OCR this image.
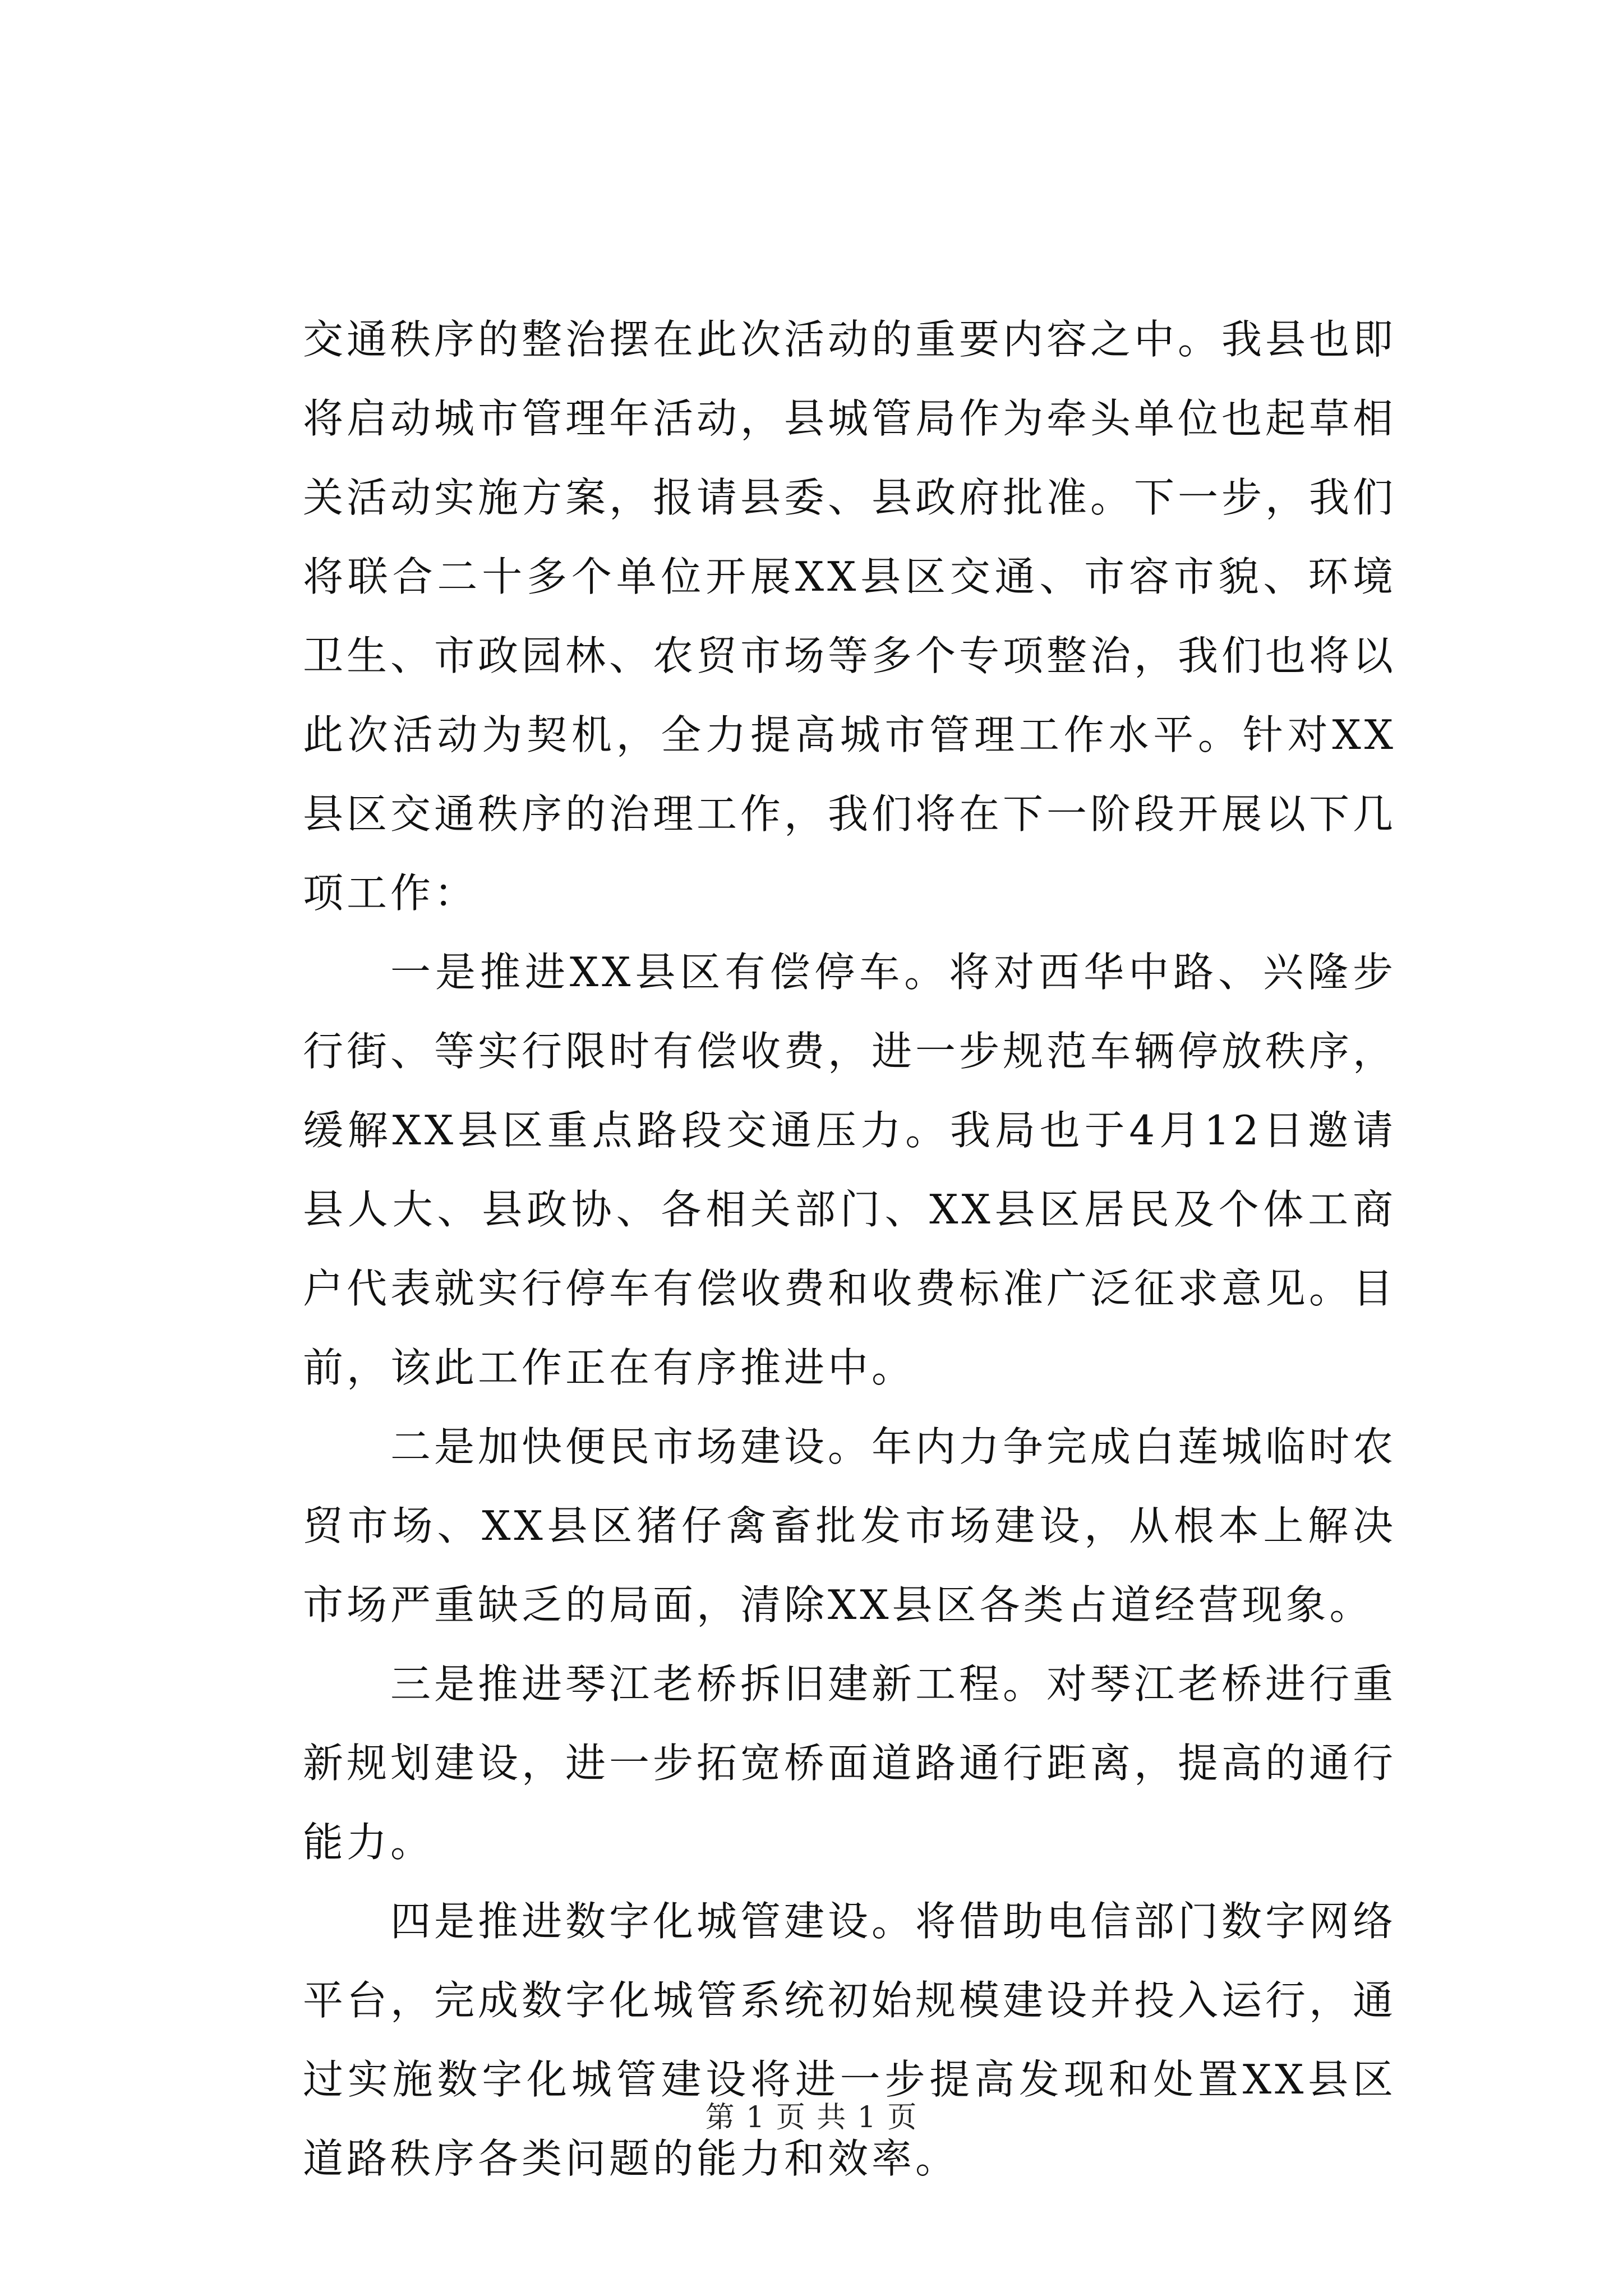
交通秩序的整治摆在此次活动的重要内容之中。我县也即将启动城市管理年活动，县城管局作为牵头单位也起草相关活动实施方案，报请县委、县政府批准。下一步，我们将联合二十多个单位开展XX县区交通、市容市貌、环境卫生、市政园林、农贸市场等多个专项整治，我们也将以此次活动为契机，全力提高城市管理工作水平。针对XX县区交通秩序的治理工作，我们将在下一阶段开展以下几项工作：

一是推进XX县区有偿停车。将对西华中路、兴隆步行街、等实行限时有偿收费，进一步规范车辆停放秩序，缓解XX县区重点路段交通压力。我局也于4月12日邀请县人大、县政协、各相关部门、XX县区居民及个体工商户代表就实行停车有偿收费和收费标准广泛征求意见。目前，该此工作正在有序推进中。

二是加快便民市场建设。年内力争完成白莲城临时农贸市场、XX县区猪仔禽畜批发市场建设，从根本上解决市场严重缺乏的局面，清除XX县区各类占道经营现象。

三是推进琴江老桥拆旧建新工程。对琴江老桥进行重新规划建设，进一步拓宽桥面道路通行距离，提高的通行能力。

四是推进数字化城管建设。将借助电信部门数字网络平台，完成数字化城管系统初始规模建设并投入运行，通过实施数字化城管建设将进一步提高发现和处置XX县区道路秩序各类问题的能力和效率。

第 1 页 共 1 页
